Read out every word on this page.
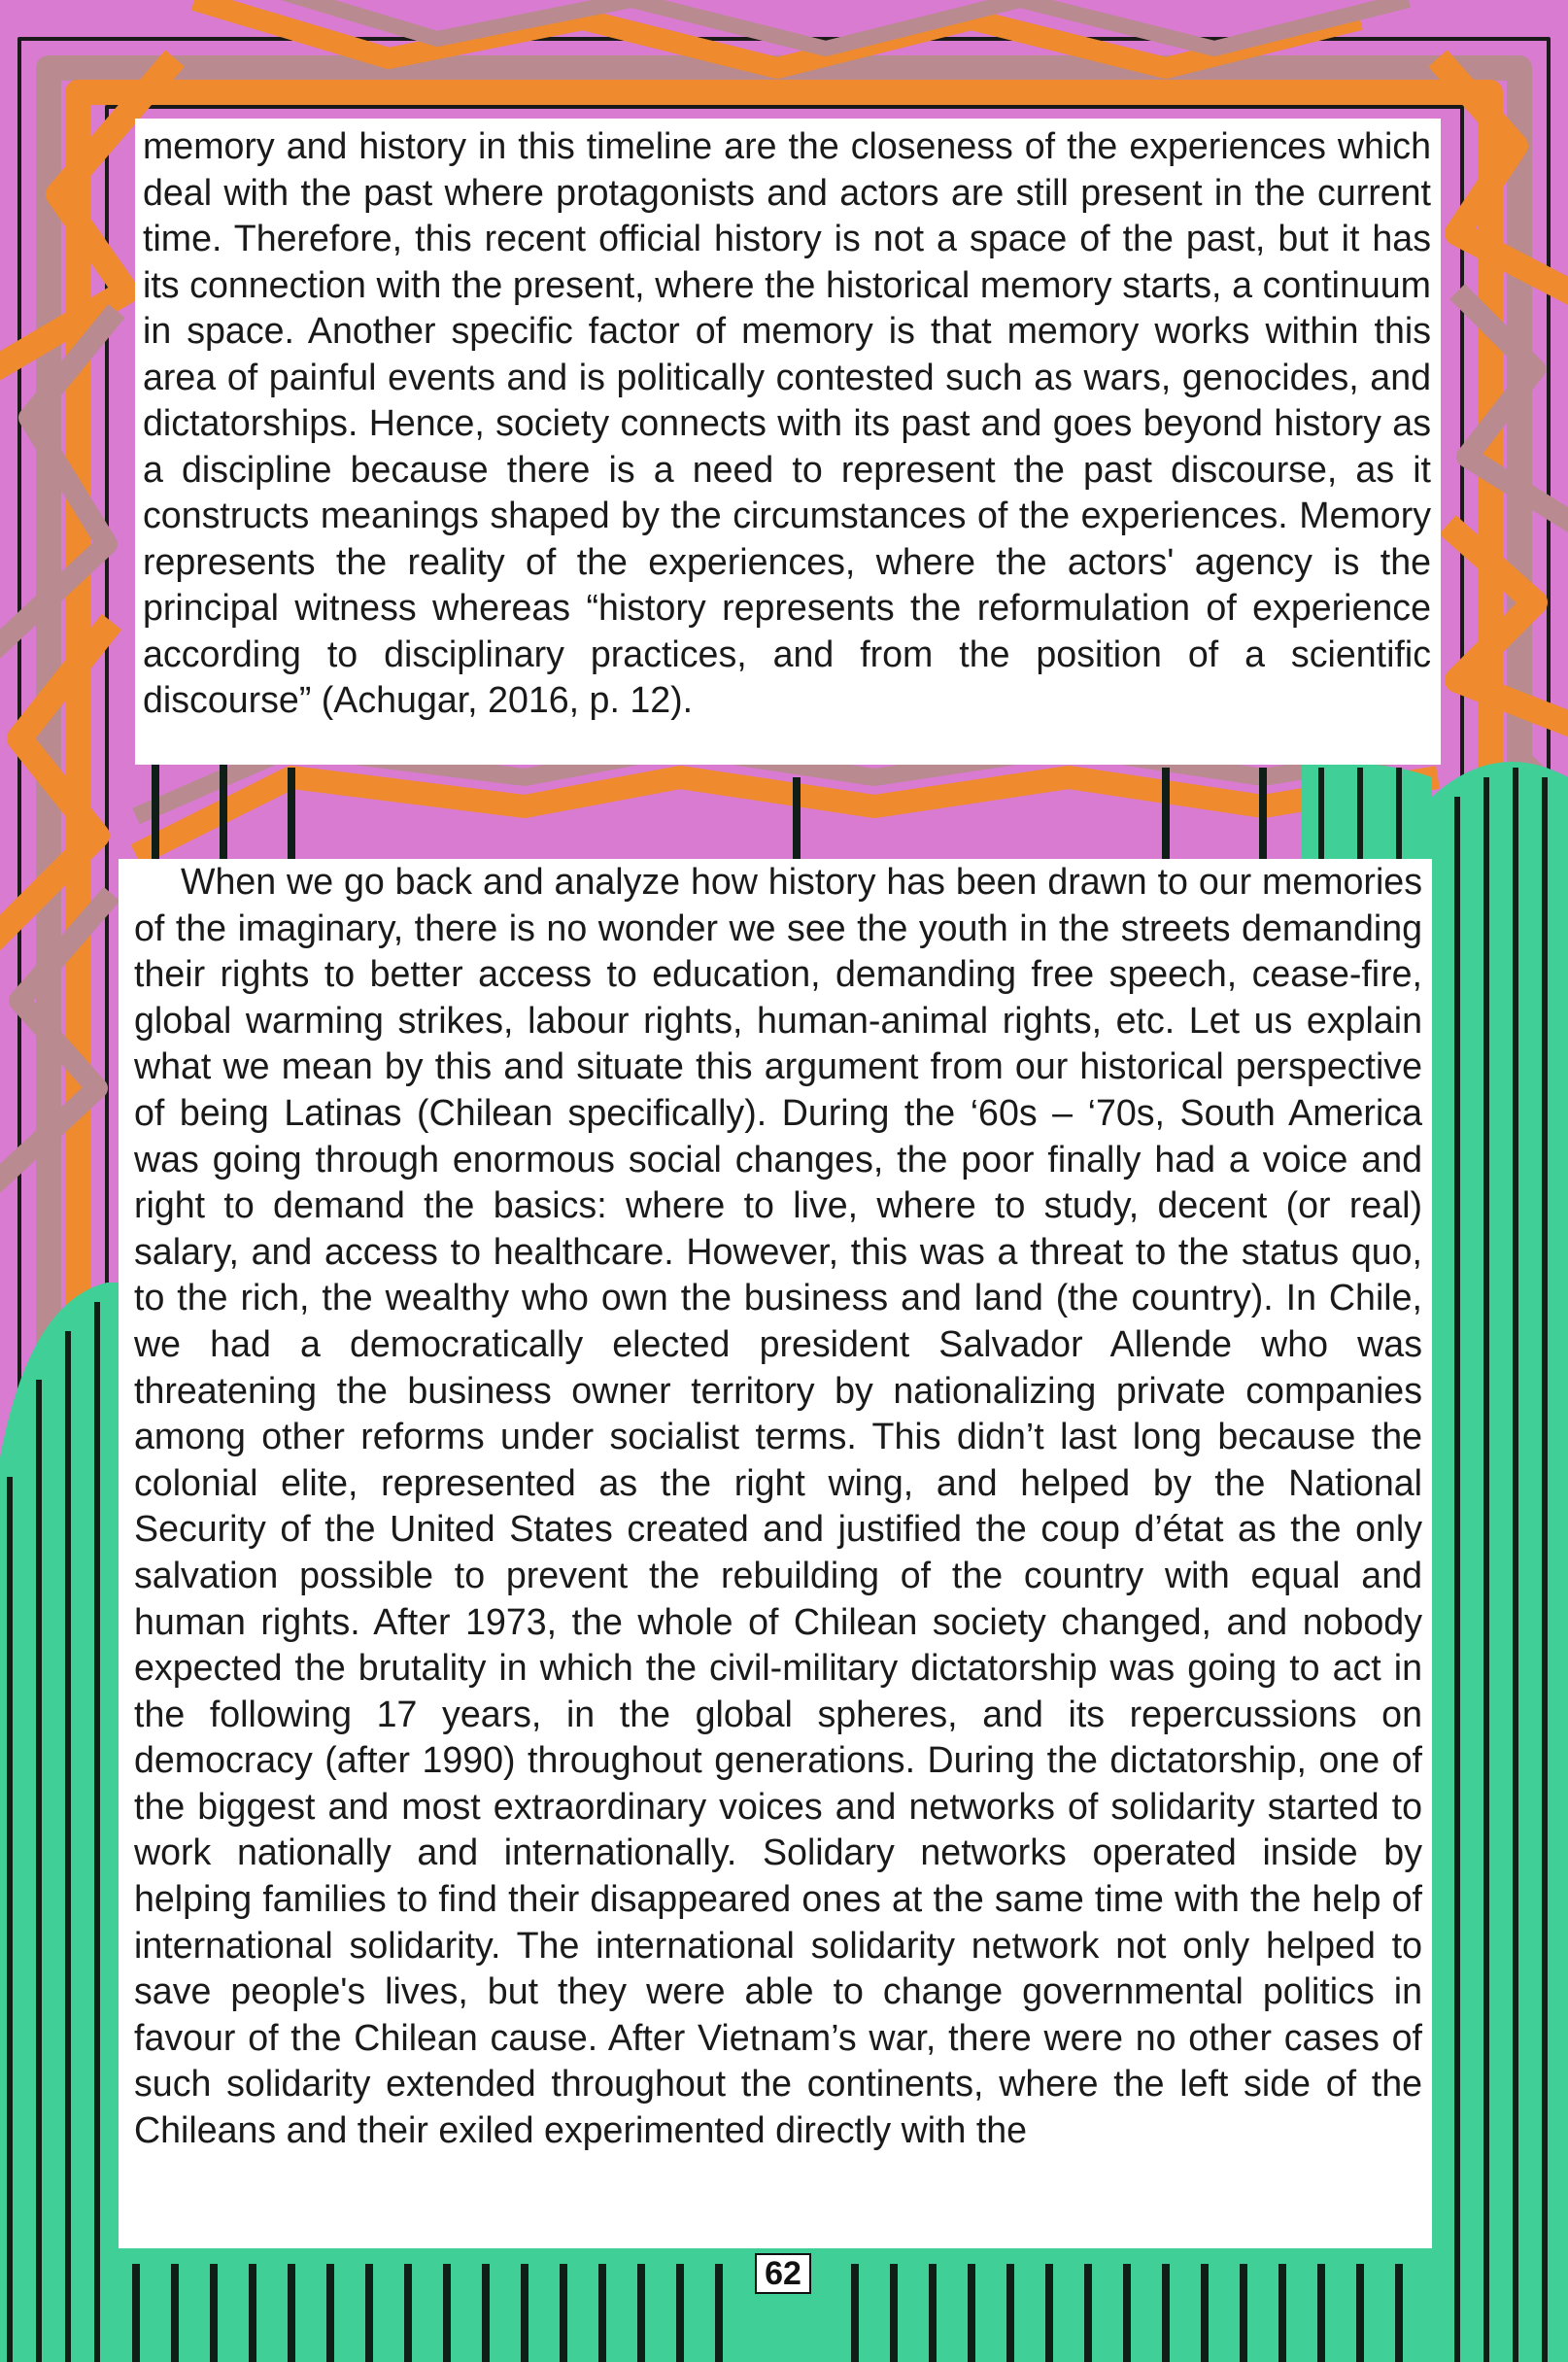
memory and history in this timeline are the closeness of the experiences which deal with the past where protagonists and actors are still present in the current time. Therefore, this recent official history is not a space of the past, but it has its connection with the present, where the historical memory starts, a continuum in space. Another specific factor of memory is that memory works within this area of painful events and is politically contested such as wars, genocides, and dictatorships. Hence, society connects with its past and goes beyond history as a discipline because there is a need to represent the past discourse, as it constructs meanings shaped by the circumstances of the experiences. Memory represents the reality of the experiences, where the actors' agency is the principal witness whereas “history represents the reformulation of experience according to disciplinary practices, and from the position of a scientific discourse” (Achugar, 2016, p. 12).

When we go back and analyze how history has been drawn to our memories of the imaginary, there is no wonder we see the youth in the streets demanding their rights to better access to education, demanding free speech, cease-fire, global warming strikes, labour rights, human-animal rights, etc. Let us explain what we mean by this and situate this argument from our historical perspective of being Latinas (Chilean specifically). During the ‘60s – ‘70s, South America was going through enormous social changes, the poor finally had a voice and right to demand the basics: where to live, where to study, decent (or real) salary, and access to healthcare. However, this was a threat to the status quo, to the rich, the wealthy who own the business and land (the country). In Chile, we had a democratically elected president Salvador Allende who was threatening the business owner territory by nationalizing private companies among other reforms under socialist terms. This didn’t last long because the colonial elite, represented as the right wing, and helped by the National Security of the United States created and justified the coup d’état as the only salvation possible to prevent the rebuilding of the country with equal and human rights. After 1973, the whole of Chilean society changed, and nobody expected the brutality in which the civil-military dictatorship was going to act in the following 17 years, in the global spheres, and its repercussions on democracy (after 1990) throughout generations. During the dictatorship, one of the biggest and most extraordinary voices and networks of solidarity started to work nationally and internationally. Solidary networks operated inside by helping families to find their disappeared ones at the same time with the help of international solidarity. The international solidarity network not only helped to save people's lives, but they were able to change governmental politics in favour of the Chilean cause. After Vietnam’s war, there were no other cases of such solidarity extended throughout the continents, where the left side of the Chileans and their exiled experimented directly with the

62
